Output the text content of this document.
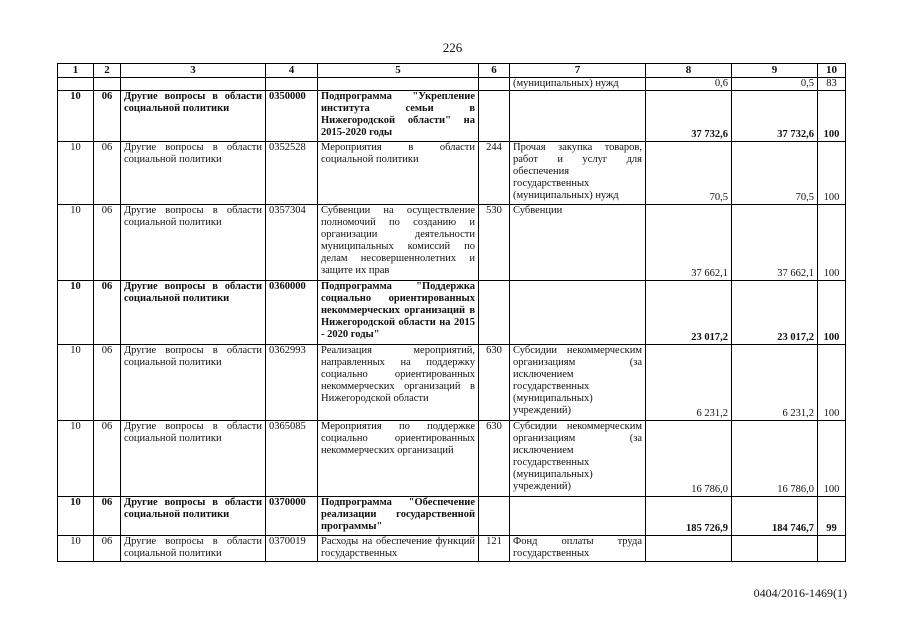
226
1	2	3	4	5	6	7	8	9	10
						(муниципальных) нужд	0,6	0,5	83
10	06	Другие вопросы в области социальной политики	0350000	Подпрограмма "Укрепление института семьи в Нижегородской области" на 2015-2020 годы			37 732,6	37 732,6	100
10	06	Другие вопросы в области социальной политики	0352528	Мероприятия в области социальной политики	244	Прочая закупка товаров, работ и услуг для обеспечения государственных (муниципальных) нужд	70,5	70,5	100
10	06	Другие вопросы в области социальной политики	0357304	Субвенции на осуществление полномочий по созданию и организации деятельности муниципальных комиссий по делам несовершеннолетних и защите их прав	530	Субвенции	37 662,1	37 662,1	100
10	06	Другие вопросы в области социальной политики	0360000	Подпрограмма "Поддержка социально ориентированных некоммерческих организаций в Нижегородской области на 2015 - 2020 годы"			23 017,2	23 017,2	100
10	06	Другие вопросы в области социальной политики	0362993	Реализация мероприятий, направленных на поддержку социально ориентированных некоммерческих организаций в Нижегородской области	630	Субсидии некоммерческим организациям (за исключением государственных (муниципальных) учреждений)	6 231,2	6 231,2	100
10	06	Другие вопросы в области социальной политики	0365085	Мероприятия по поддержке социально ориентированных некоммерческих организаций	630	Субсидии некоммерческим организациям (за исключением государственных (муниципальных) учреждений)	16 786,0	16 786,0	100
10	06	Другие вопросы в области социальной политики	0370000	Подпрограмма "Обеспечение реализации государственной программы"			185 726,9	184 746,7	99
10	06	Другие вопросы в области социальной политики	0370019	Расходы на обеспечение функций государственных	121	Фонд оплаты труда государственных			
0404/2016-1469(1)
